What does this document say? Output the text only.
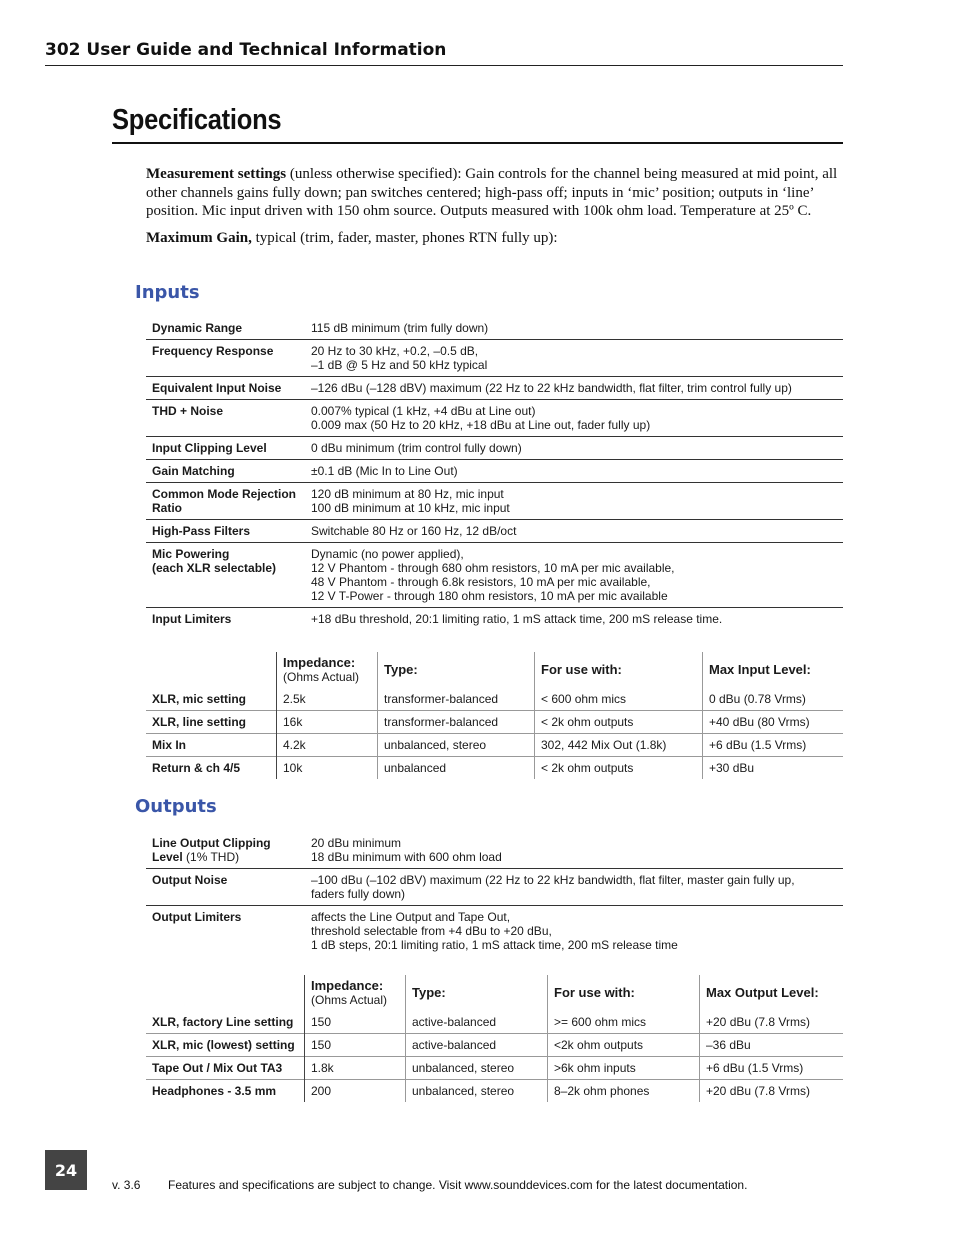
302 User Guide and Technical Information
Specifications

Measurement settings (unless otherwise specified): Gain controls for the channel being measured at mid point, all other channels gains fully down; pan switches centered; high-pass off; inputs in ‘mic’ position; outputs in ‘line’ position. Mic input driven with 150 ohm source. Outputs measured with 100k ohm load. Temperature at 25º C.

Maximum Gain, typical (trim, fader, master, phones RTN fully up):

Inputs
Dynamic Range	115 dB minimum (trim fully down)
Frequency Response	20 Hz to 30 kHz, +0.2, –0.5 dB,
–1 dB @ 5 Hz and 50 kHz typical
Equivalent Input Noise	–126 dBu (–128 dBV) maximum (22 Hz to 22 kHz bandwidth, flat filter, trim control fully up)
THD + Noise	0.007% typical (1 kHz, +4 dBu at Line out)
0.009 max (50 Hz to 20 kHz, +18 dBu at Line out, fader fully up)
Input Clipping Level	0 dBu minimum (trim control fully down)
Gain Matching	±0.1 dB (Mic In to Line Out)
Common Mode Rejection
Ratio	120 dB minimum at 80 Hz, mic input
100 dB minimum at 10 kHz, mic input
High-Pass Filters	Switchable 80 Hz or 160 Hz, 12 dB/oct
Mic Powering
(each XLR selectable)	Dynamic (no power applied),
12 V Phantom - through 680 ohm resistors, 10 mA per mic available,
48 V Phantom - through 6.8k resistors, 10 mA per mic available,
12 V T-Power - through 180 ohm resistors, 10 mA per mic available
Input Limiters	+18 dBu threshold, 20:1 limiting ratio, 1 mS attack time, 200 mS release time.
	Impedance:
(Ohms Actual)	Type:	For use with:	Max Input Level:
XLR, mic setting	2.5k	transformer-balanced	< 600 ohm mics	0 dBu (0.78 Vrms)
XLR, line setting	16k	transformer-balanced	< 2k ohm outputs	+40 dBu (80 Vrms)
Mix In	4.2k	unbalanced, stereo	302, 442 Mix Out (1.8k)	+6 dBu (1.5 Vrms)
Return & ch 4/5	10k	unbalanced	< 2k ohm outputs	+30 dBu
Outputs
Line Output Clipping
Level (1% THD)	20 dBu minimum
18 dBu minimum with 600 ohm load
Output Noise	–100 dBu (–102 dBV) maximum (22 Hz to 22 kHz bandwidth, flat filter, master gain fully up,
faders fully down)
Output Limiters	affects the Line Output and Tape Out,
threshold selectable from +4 dBu to +20 dBu,
1 dB steps, 20:1 limiting ratio, 1 mS attack time, 200 mS release time
	Impedance:
(Ohms Actual)	Type:	For use with:	Max Output Level:
XLR, factory Line setting	150	active-balanced	>= 600 ohm mics	+20 dBu (7.8 Vrms)
XLR, mic (lowest) setting	150	active-balanced	<2k ohm outputs	–36 dBu
Tape Out / Mix Out TA3	1.8k	unbalanced, stereo	>6k ohm inputs	+6 dBu (1.5 Vrms)
Headphones - 3.5 mm	200	unbalanced, stereo	8–2k ohm phones	+20 dBu (7.8 Vrms)
24
v. 3.6 Features and specifications are subject to change. Visit www.sounddevices.com for the latest documentation.
